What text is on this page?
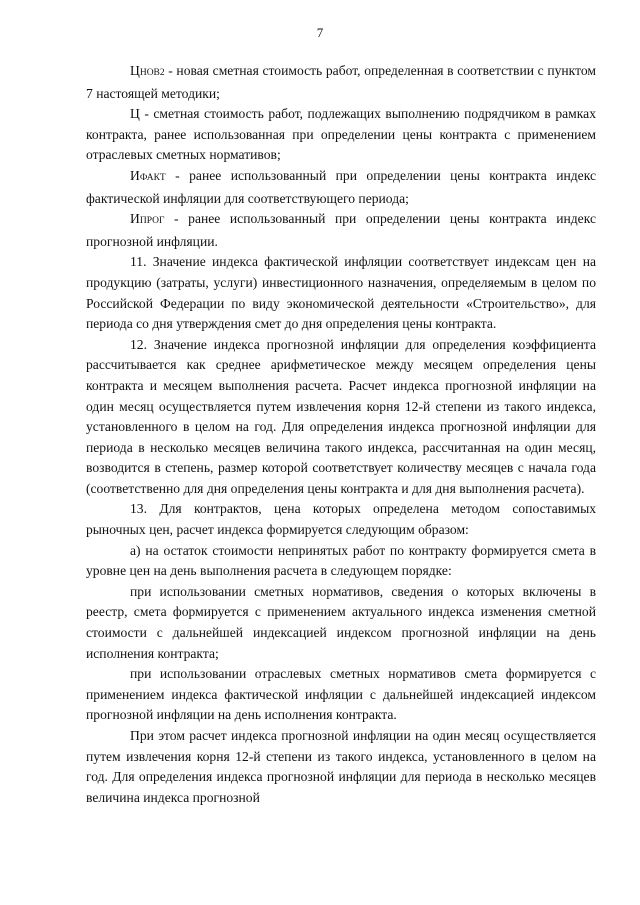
7

ЦНОВ2 - новая сметная стоимость работ, определенная в соответствии с пунктом 7 настоящей методики;

Ц - сметная стоимость работ, подлежащих выполнению подрядчиком в рамках контракта, ранее использованная при определении цены контракта с применением отраслевых сметных нормативов;

ИФАКТ - ранее использованный при определении цены контракта индекс фактической инфляции для соответствующего периода;

ИПРОГ - ранее использованный при определении цены контракта индекс прогнозной инфляции.

11. Значение индекса фактической инфляции соответствует индексам цен на продукцию (затраты, услуги) инвестиционного назначения, определяемым в целом по Российской Федерации по виду экономической деятельности «Строительство», для периода со дня утверждения смет до дня определения цены контракта.

12. Значение индекса прогнозной инфляции для определения коэффициента рассчитывается как среднее арифметическое между месяцем определения цены контракта и месяцем выполнения расчета. Расчет индекса прогнозной инфляции на один месяц осуществляется путем извлечения корня 12-й степени из такого индекса, установленного в целом на год. Для определения индекса прогнозной инфляции для периода в несколько месяцев величина такого индекса, рассчитанная на один месяц, возводится в степень, размер которой соответствует количеству месяцев с начала года (соответственно для дня определения цены контракта и для дня выполнения расчета).

13. Для контрактов, цена которых определена методом сопоставимых рыночных цен, расчет индекса формируется следующим образом:

а) на остаток стоимости непринятых работ по контракту формируется смета в уровне цен на день выполнения расчета в следующем порядке:

при использовании сметных нормативов, сведения о которых включены в реестр, смета формируется с применением актуального индекса изменения сметной стоимости с дальнейшей индексацией индексом прогнозной инфляции на день исполнения контракта;

при использовании отраслевых сметных нормативов смета формируется с применением индекса фактической инфляции с дальнейшей индексацией индексом прогнозной инфляции на день исполнения контракта.

При этом расчет индекса прогнозной инфляции на один месяц осуществляется путем извлечения корня 12-й степени из такого индекса, установленного в целом на год. Для определения индекса прогнозной инфляции для периода в несколько месяцев величина индекса прогнозной
